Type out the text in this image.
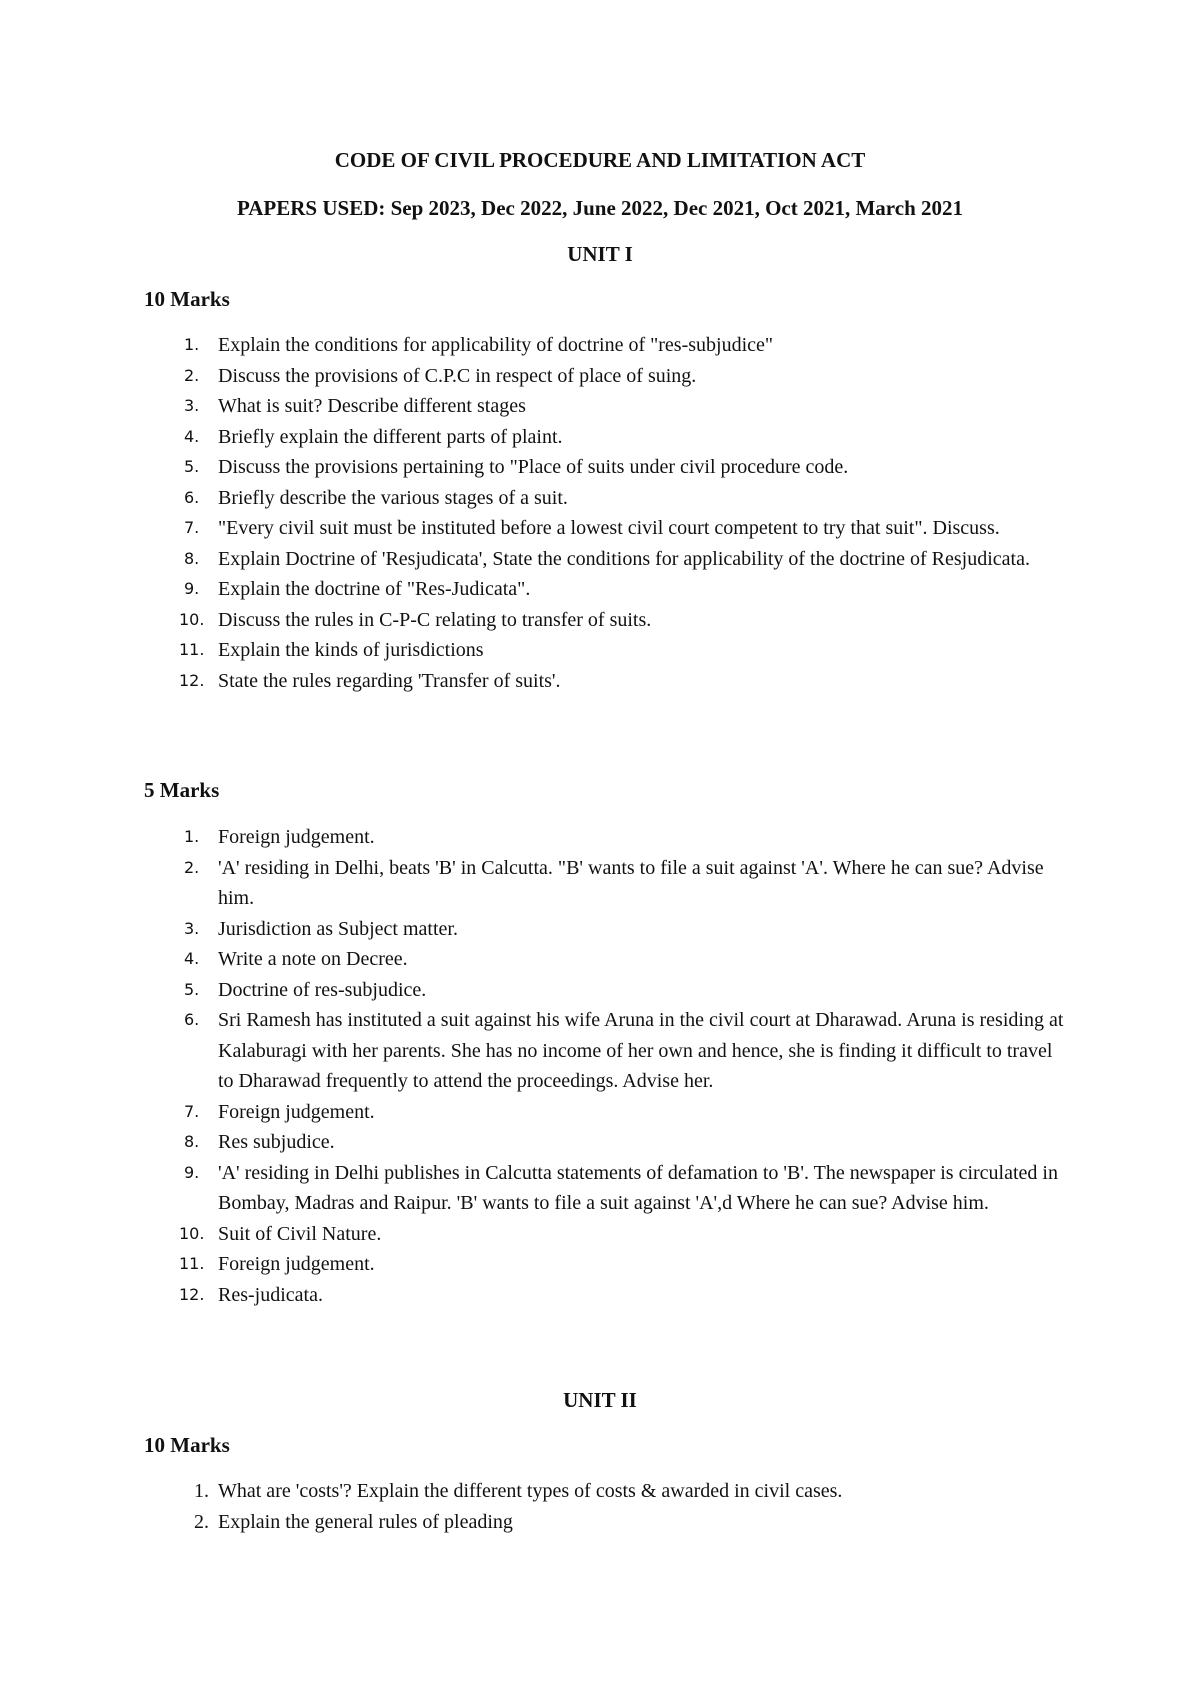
CODE OF CIVIL PROCEDURE AND LIMITATION ACT
PAPERS USED: Sep 2023, Dec 2022, June 2022, Dec 2021, Oct 2021, March 2021
UNIT I
10 Marks
1. Explain the conditions for applicability of doctrine of "res-subjudice"
2. Discuss the provisions of C.P.C in respect of place of suing.
3. What is suit? Describe different stages
4. Briefly explain the different parts of plaint.
5. Discuss the provisions pertaining to "Place of suits under civil procedure code.
6. Briefly describe the various stages of a suit.
7. "Every civil suit must be instituted before a lowest civil court competent to try that suit". Discuss.
8. Explain Doctrine of 'Resjudicata', State the conditions for applicability of the doctrine of Resjudicata.
9. Explain the doctrine of "Res-Judicata".
10. Discuss the rules in C-P-C relating to transfer of suits.
11. Explain the kinds of jurisdictions
12. State the rules regarding 'Transfer of suits'.
5 Marks
1. Foreign judgement.
2. 'A' residing in Delhi, beats 'B' in Calcutta. "B' wants to file a suit against 'A'. Where he can sue? Advise him.
3. Jurisdiction as Subject matter.
4. Write a note on Decree.
5. Doctrine of res-subjudice.
6. Sri Ramesh has instituted a suit against his wife Aruna in the civil court at Dharawad. Aruna is residing at Kalaburagi with her parents. She has no income of her own and hence, she is finding it difficult to travel to Dharawad frequently to attend the proceedings. Advise her.
7. Foreign judgement.
8. Res subjudice.
9. 'A' residing in Delhi publishes in Calcutta statements of defamation to 'B'. The newspaper is circulated in Bombay, Madras and Raipur. 'B' wants to file a suit against 'A',d Where he can sue? Advise him.
10. Suit of Civil Nature.
11. Foreign judgement.
12. Res-judicata.
UNIT II
10 Marks
1. What are 'costs'? Explain the different types of costs & awarded in civil cases.
2. Explain the general rules of pleading
